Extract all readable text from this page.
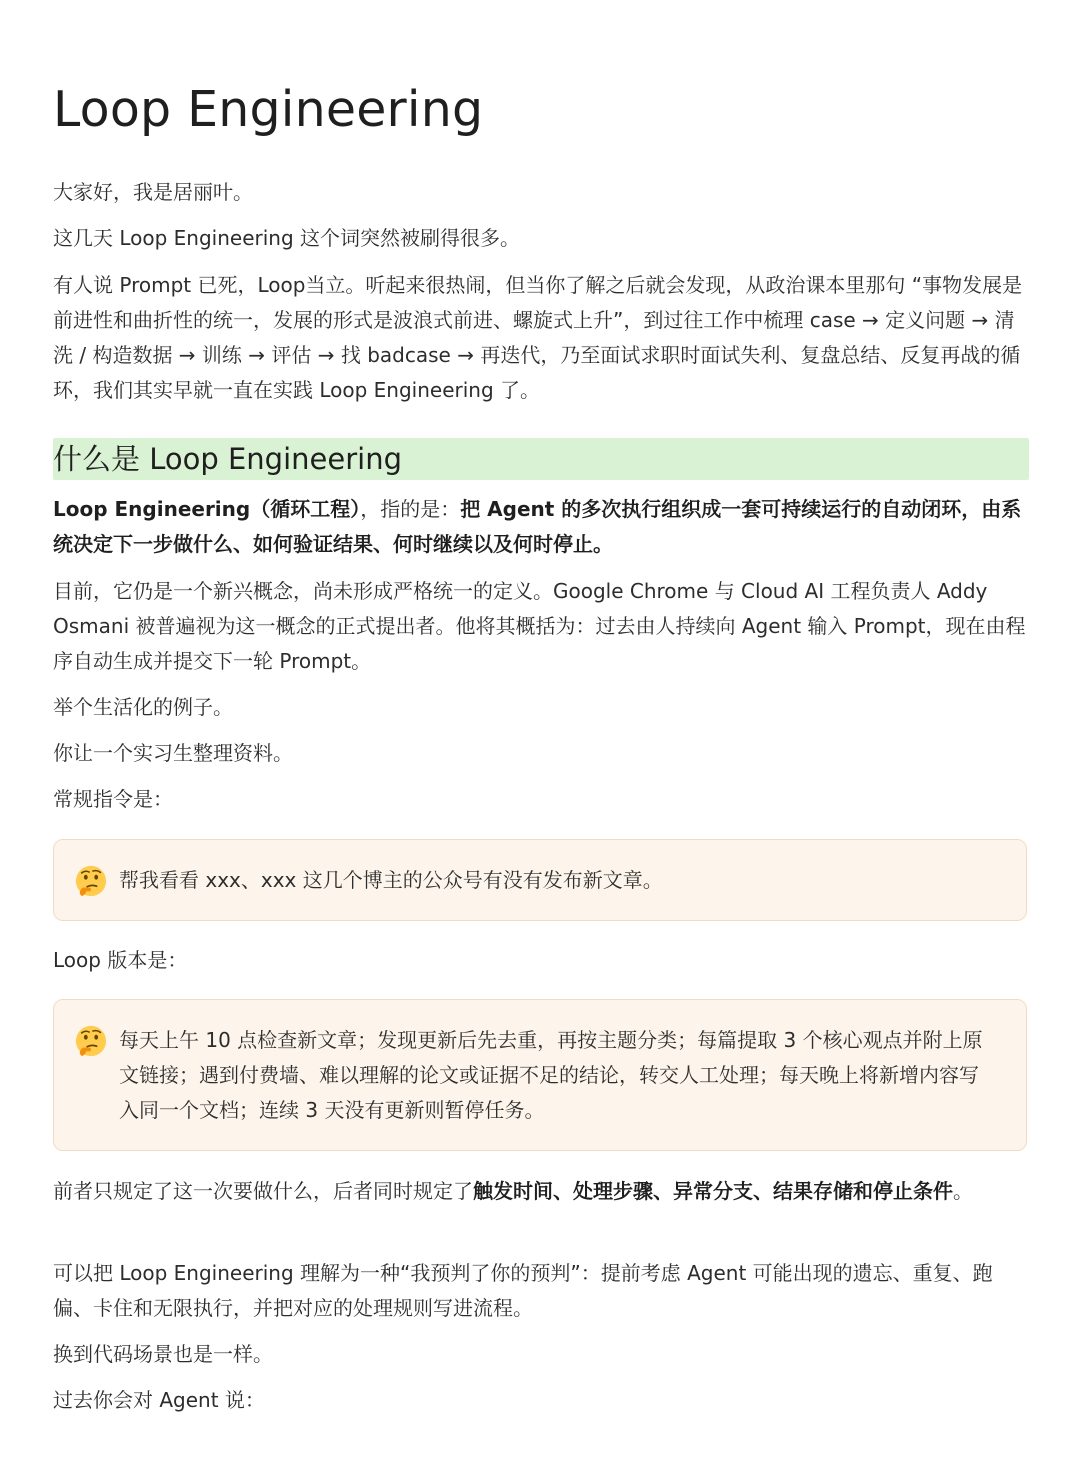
Loop Engineering

大家好，我是居丽叶。

这几天 Loop Engineering 这个词突然被刷得很多。

有人说 Prompt 已死，Loop当立。听起来很热闹，但当你了解之后就会发现，从政治课本里那句 “事物发展是前进性和曲折性的统一，发展的形式是波浪式前进、螺旋式上升”，到过往工作中梳理 case → 定义问题 → 清洗 / 构造数据 → 训练 → 评估 → 找 badcase → 再迭代，乃至面试求职时面试失利、复盘总结、反复再战的循环，我们其实早就一直在实践 Loop Engineering 了。

什么是 Loop Engineering

Loop Engineering（循环工程），指的是：把 Agent 的多次执行组织成一套可持续运行的自动闭环，由系统决定下一步做什么、如何验证结果、何时继续以及何时停止。

目前，它仍是一个新兴概念，尚未形成严格统一的定义。Google Chrome 与 Cloud AI 工程负责人 Addy Osmani 被普遍视为这一概念的正式提出者。他将其概括为：过去由人持续向 Agent 输入 Prompt，现在由程序自动生成并提交下一轮 Prompt。

举个生活化的例子。

你让一个实习生整理资料。

常规指令是：

帮我看看 xxx、xxx 这几个博主的公众号有没有发布新文章。

Loop 版本是：

每天上午 10 点检查新文章；发现更新后先去重，再按主题分类；每篇提取 3 个核心观点并附上原文链接；遇到付费墙、难以理解的论文或证据不足的结论，转交人工处理；每天晚上将新增内容写入同一个文档；连续 3 天没有更新则暂停任务。

前者只规定了这一次要做什么，后者同时规定了触发时间、处理步骤、异常分支、结果存储和停止条件。

可以把 Loop Engineering 理解为一种“我预判了你的预判”：提前考虑 Agent 可能出现的遗忘、重复、跑偏、卡住和无限执行，并把对应的处理规则写进流程。

换到代码场景也是一样。

过去你会对 Agent 说：
